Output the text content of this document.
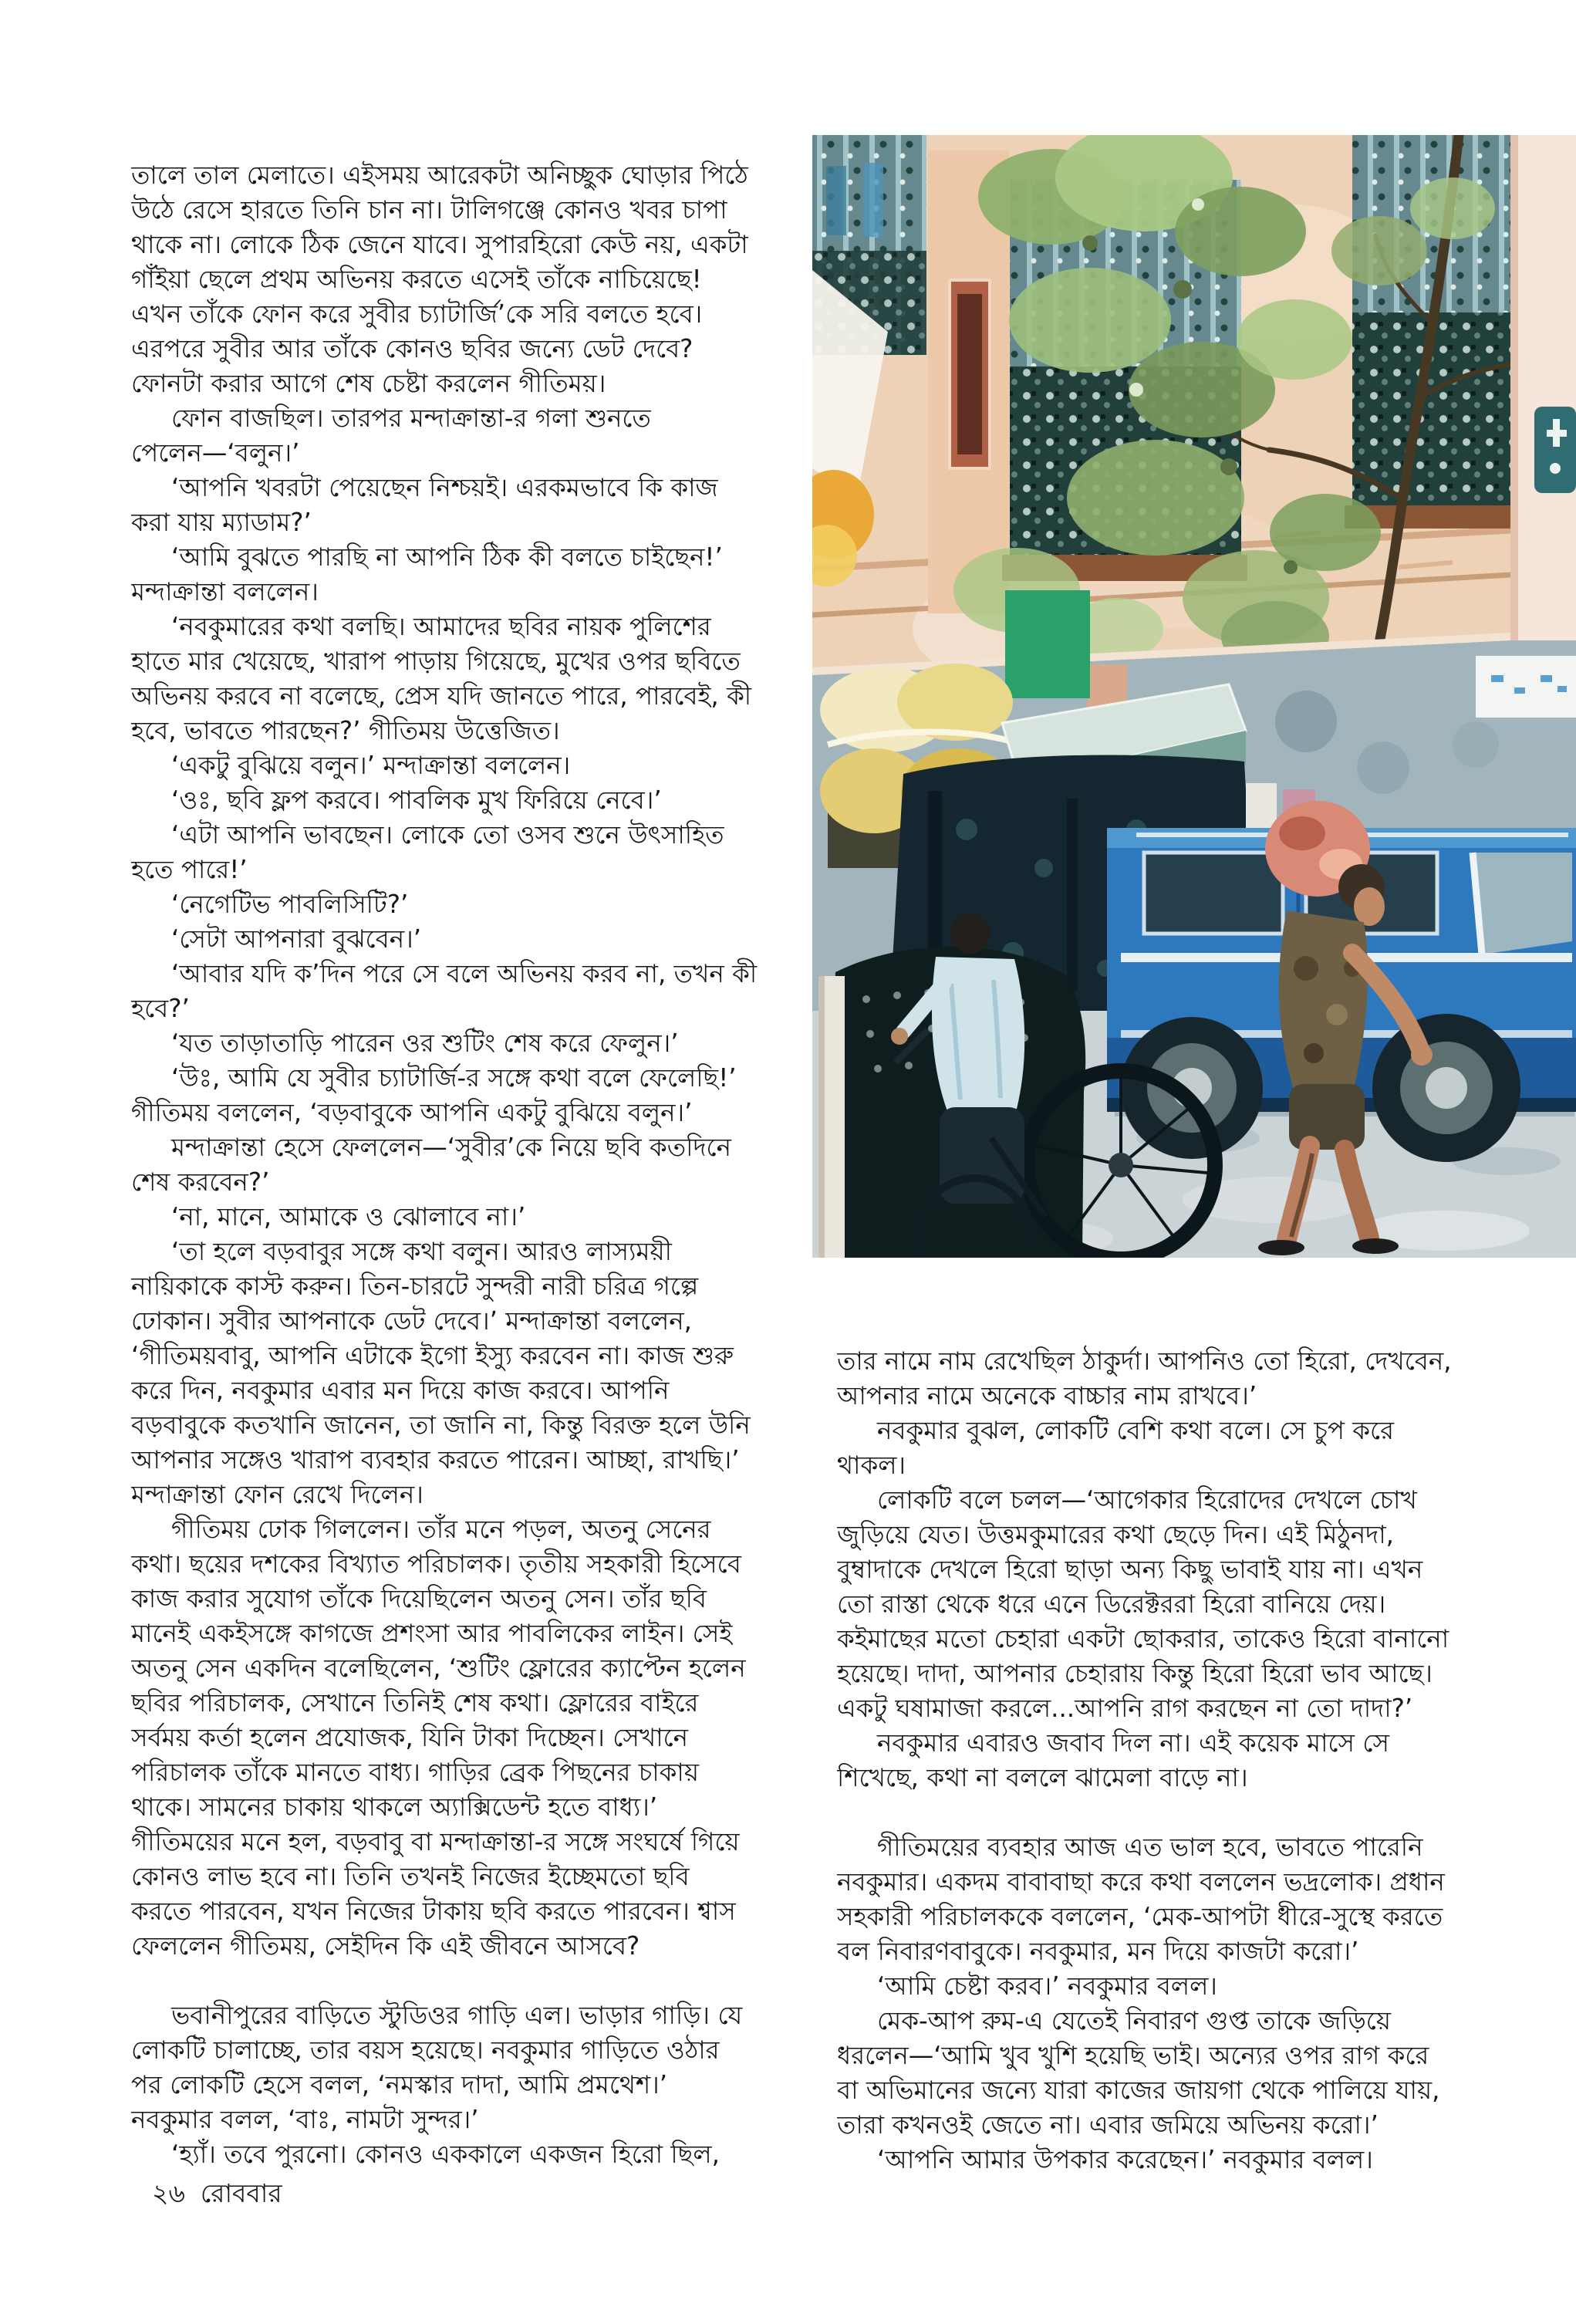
তালে তাল মেলাতে। এইসময় আরেকটা অনিচ্ছুক ঘোড়ার পিঠে
উঠে রেসে হারতে তিনি চান না। টালিগঞ্জে কোনও খবর চাপা
থাকে না। লোকে ঠিক জেনে যাবে। সুপারহিরো কেউ নয়, একটা
গাঁইয়া ছেলে প্রথম অভিনয় করতে এসেই তাঁকে নাচিয়েছে!
এখন তাঁকে ফোন করে সুবীর চ্যাটার্জি’কে সরি বলতে হবে।
এরপরে সুবীর আর তাঁকে কোনও ছবির জন্যে ডেট দেবে?
ফোনটা করার আগে শেষ চেষ্টা করলেন গীতিময়।
ফোন বাজছিল। তারপর মন্দাক্রান্তা-র গলা শুনতে
পেলেন—‘বলুন।’
‘আপনি খবরটা পেয়েছেন নিশ্চয়ই। এরকমভাবে কি কাজ
করা যায় ম্যাডাম?’
‘আমি বুঝতে পারছি না আপনি ঠিক কী বলতে চাইছেন!’
মন্দাক্রান্তা বললেন।
‘নবকুমারের কথা বলছি। আমাদের ছবির নায়ক পুলিশের
হাতে মার খেয়েছে, খারাপ পাড়ায় গিয়েছে, মুখের ওপর ছবিতে
অভিনয় করবে না বলেছে, প্রেস যদি জানতে পারে, পারবেই, কী
হবে, ভাবতে পারছেন?’ গীতিময় উত্তেজিত।
‘একটু বুঝিয়ে বলুন।’ মন্দাক্রান্তা বললেন।
‘ওঃ, ছবি ফ্লপ করবে। পাবলিক মুখ ফিরিয়ে নেবে।’
‘এটা আপনি ভাবছেন। লোকে তো ওসব শুনে উৎসাহিত
হতে পারে!’
‘নেগেটিভ পাবলিসিটি?’
‘সেটা আপনারা বুঝবেন।’
‘আবার যদি ক’দিন পরে সে বলে অভিনয় করব না, তখন কী
হবে?’
‘যত তাড়াতাড়ি পারেন ওর শুটিং শেষ করে ফেলুন।’
‘উঃ, আমি যে সুবীর চ্যাটার্জি-র সঙ্গে কথা বলে ফেলেছি!’
গীতিময় বললেন, ‘বড়বাবুকে আপনি একটু বুঝিয়ে বলুন।’
মন্দাক্রান্তা হেসে ফেললেন—‘সুবীর’কে নিয়ে ছবি কতদিনে
শেষ করবেন?’
‘না, মানে, আমাকে ও ঝোলাবে না।’
‘তা হলে বড়বাবুর সঙ্গে কথা বলুন। আরও লাস্যময়ী
নায়িকাকে কাস্ট করুন। তিন-চারটে সুন্দরী নারী চরিত্র গল্পে
ঢোকান। সুবীর আপনাকে ডেট দেবে।’ মন্দাক্রান্তা বললেন,
‘গীতিময়বাবু, আপনি এটাকে ইগো ইস্যু করবেন না। কাজ শুরু
করে দিন, নবকুমার এবার মন দিয়ে কাজ করবে। আপনি
বড়বাবুকে কতখানি জানেন, তা জানি না, কিন্তু বিরক্ত হলে উনি
আপনার সঙ্গেও খারাপ ব্যবহার করতে পারেন। আচ্ছা, রাখছি।’
মন্দাক্রান্তা ফোন রেখে দিলেন।
গীতিময় ঢোক গিললেন। তাঁর মনে পড়ল, অতনু সেনের
কথা। ছয়ের দশকের বিখ্যাত পরিচালক। তৃতীয় সহকারী হিসেবে
কাজ করার সুযোগ তাঁকে দিয়েছিলেন অতনু সেন। তাঁর ছবি
মানেই একইসঙ্গে কাগজে প্রশংসা আর পাবলিকের লাইন। সেই
অতনু সেন একদিন বলেছিলেন, ‘শুটিং ফ্লোরের ক্যাপ্টেন হলেন
ছবির পরিচালক, সেখানে তিনিই শেষ কথা। ফ্লোরের বাইরে
সর্বময় কর্তা হলেন প্রযোজক, যিনি টাকা দিচ্ছেন। সেখানে
পরিচালক তাঁকে মানতে বাধ্য। গাড়ির ব্রেক পিছনের চাকায়
থাকে। সামনের চাকায় থাকলে অ্যাক্সিডেন্ট হতে বাধ্য।’
গীতিময়ের মনে হল, বড়বাবু বা মন্দাক্রান্তা-র সঙ্গে সংঘর্ষে গিয়ে
কোনও লাভ হবে না। তিনি তখনই নিজের ইচ্ছেমতো ছবি
করতে পারবেন, যখন নিজের টাকায় ছবি করতে পারবেন। শ্বাস
ফেললেন গীতিময়, সেইদিন কি এই জীবনে আসবে?
ভবানীপুরের বাড়িতে স্টুডিওর গাড়ি এল। ভাড়ার গাড়ি। যে
লোকটি চালাচ্ছে, তার বয়স হয়েছে। নবকুমার গাড়িতে ওঠার
পর লোকটি হেসে বলল, ‘নমস্কার দাদা, আমি প্রমথেশ।’
নবকুমার বলল, ‘বাঃ, নামটা সুন্দর।’
‘হ্যাঁ। তবে পুরনো। কোনও এককালে একজন হিরো ছিল,
তার নামে নাম রেখেছিল ঠাকুর্দা। আপনিও তো হিরো, দেখবেন,
আপনার নামে অনেকে বাচ্চার নাম রাখবে।’
নবকুমার বুঝল, লোকটি বেশি কথা বলে। সে চুপ করে
থাকল।
লোকটি বলে চলল—‘আগেকার হিরোদের দেখলে চোখ
জুড়িয়ে যেত। উত্তমকুমারের কথা ছেড়ে দিন। এই মিঠুনদা,
বুম্বাদাকে দেখলে হিরো ছাড়া অন্য কিছু ভাবাই যায় না। এখন
তো রাস্তা থেকে ধরে এনে ডিরেক্টররা হিরো বানিয়ে দেয়।
কইমাছের মতো চেহারা একটা ছোকরার, তাকেও হিরো বানানো
হয়েছে। দাদা, আপনার চেহারায় কিন্তু হিরো হিরো ভাব আছে।
একটু ঘষামাজা করলে...আপনি রাগ করছেন না তো দাদা?’
নবকুমার এবারও জবাব দিল না। এই কয়েক মাসে সে
শিখেছে, কথা না বললে ঝামেলা বাড়ে না।
গীতিময়ের ব্যবহার আজ এত ভাল হবে, ভাবতে পারেনি
নবকুমার। একদম বাবাবাছা করে কথা বললেন ভদ্রলোক। প্রধান
সহকারী পরিচালককে বললেন, ‘মেক-আপটা ধীরে-সুস্থে করতে
বল নিবারণবাবুকে। নবকুমার, মন দিয়ে কাজটা করো।’
‘আমি চেষ্টা করব।’ নবকুমার বলল।
মেক-আপ রুম-এ যেতেই নিবারণ গুপ্ত তাকে জড়িয়ে
ধরলেন—‘আমি খুব খুশি হয়েছি ভাই। অন্যের ওপর রাগ করে
বা অভিমানের জন্যে যারা কাজের জায়গা থেকে পালিয়ে যায়,
তারা কখনওই জেতে না। এবার জমিয়ে অভিনয় করো।’
‘আপনি আমার উপকার করেছেন।’ নবকুমার বলল।
২৬ রোববার
